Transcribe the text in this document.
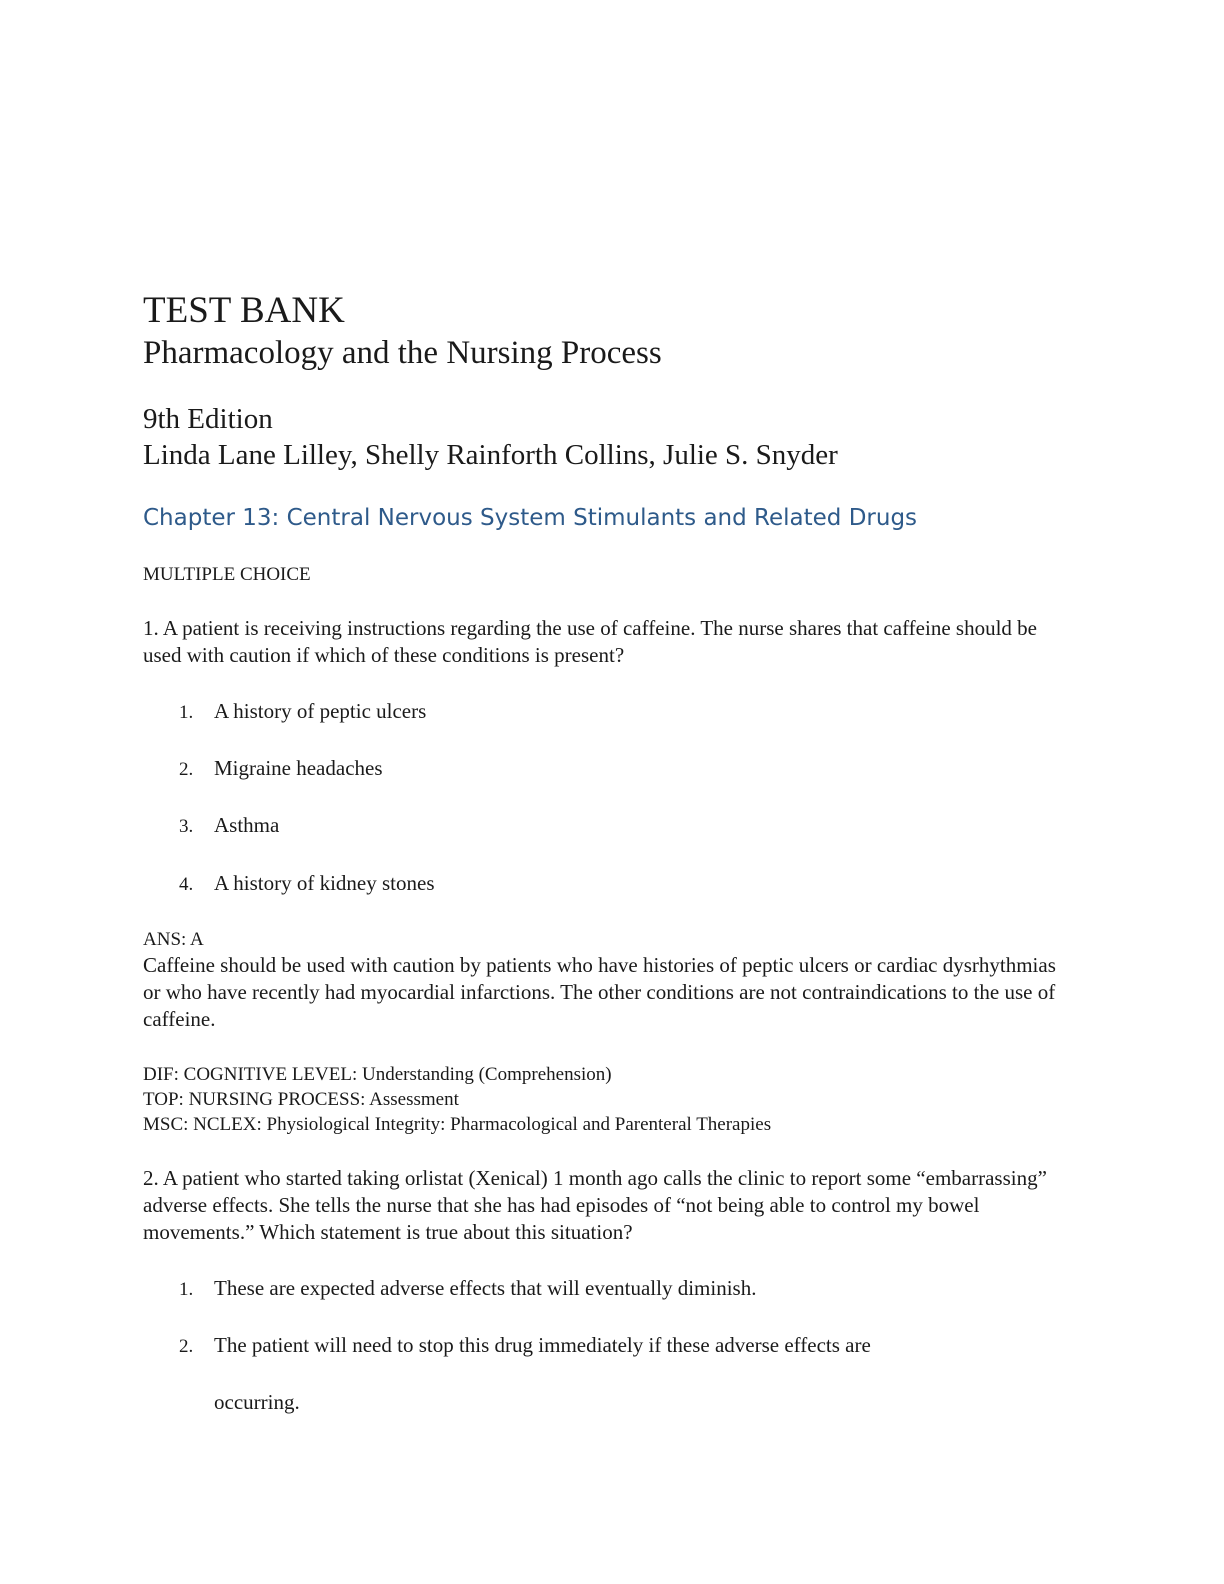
TEST BANK
Pharmacology and the Nursing Process
9th Edition
Linda Lane Lilley, Shelly Rainforth Collins, Julie S. Snyder
Chapter 13: Central Nervous System Stimulants and Related Drugs
MULTIPLE CHOICE
1. A patient is receiving instructions regarding the use of caffeine. The nurse shares that caffeine should be used with caution if which of these conditions is present?
1. A history of peptic ulcers
2. Migraine headaches
3. Asthma
4. A history of kidney stones
ANS: A
Caffeine should be used with caution by patients who have histories of peptic ulcers or cardiac dysrhythmias or who have recently had myocardial infarctions. The other conditions are not contraindications to the use of caffeine.
DIF: COGNITIVE LEVEL: Understanding (Comprehension)
TOP: NURSING PROCESS: Assessment
MSC: NCLEX: Physiological Integrity: Pharmacological and Parenteral Therapies
2. A patient who started taking orlistat (Xenical) 1 month ago calls the clinic to report some “embarrassing” adverse effects. She tells the nurse that she has had episodes of “not being able to control my bowel movements.” Which statement is true about this situation?
1. These are expected adverse effects that will eventually diminish.
2. The patient will need to stop this drug immediately if these adverse effects are
occurring.
